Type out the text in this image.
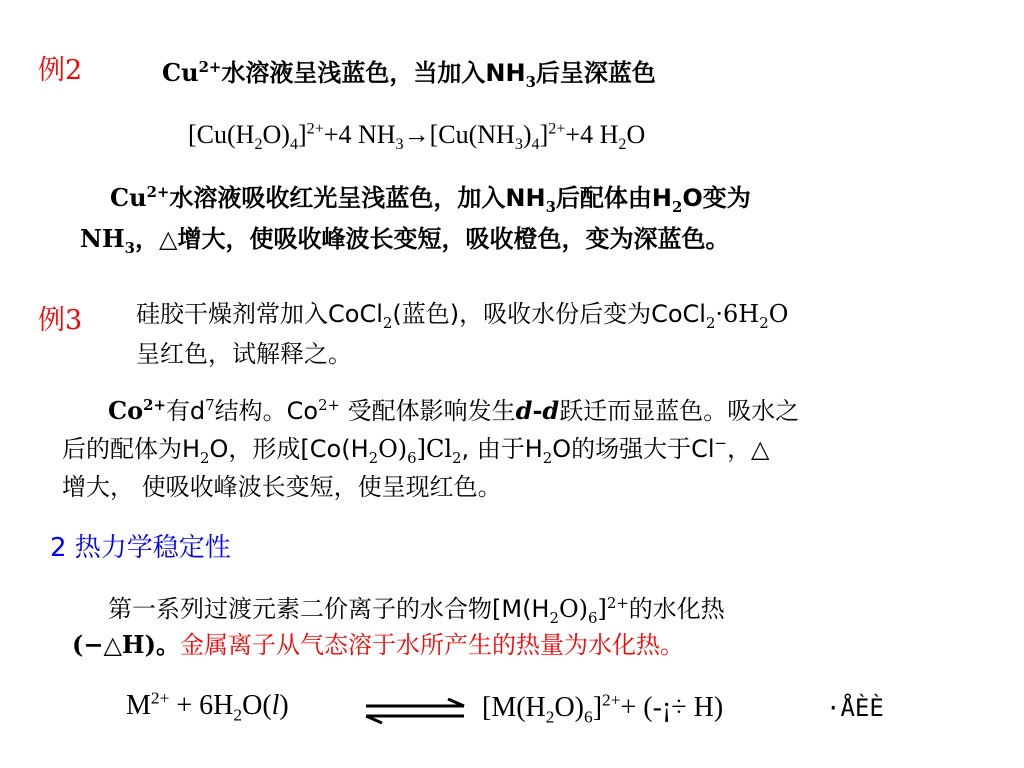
例2	$Cu^{2+}$水溶液呈浅蓝色，当加入$NH_3$后呈深蓝色
$[Cu(H_2O)_4]^{2+}+4$ $NH_3\to[Cu(NH_3)_4]^{2+}+4$ $H_2O$
$Cu^{2+}$水溶液吸收红光呈浅蓝色，加入$NH_3$后配体由$H_2O$变为
$NH_3$，△增大，使吸收峰波长变短，吸收橙色，变为深蓝色。
例3 硅胶干燥剂常加入CoCl$_2$(蓝色)，吸收水份后变为$CoCl_2\cdot 6H_2O$
呈红色，试解释之。
$Co^{2+}$有$d^7$结构。$Co^{2+}$ 受配体影响发生d-d跃迁而显蓝色。吸水之
后的配体为$H_2O$，形成$[Co(H_2O)_6]Cl_2$, 由于$H_2O$的场强大于Cl−，△
增大， 使吸收峰波长变短，使呈现红色。
2 热力学稳定性
第一系列过渡元素二价离子的水合物$[M(H_2O)_6]^{2+}$的水化热
(−△H)。金属离子从气态溶于水所产生的热量为水化热。
$M^{2+} + 6H_2O(l)$	$[M(H_2O)_6]^{2+}+$ (-¡÷ H)	·ÅÈÈ
